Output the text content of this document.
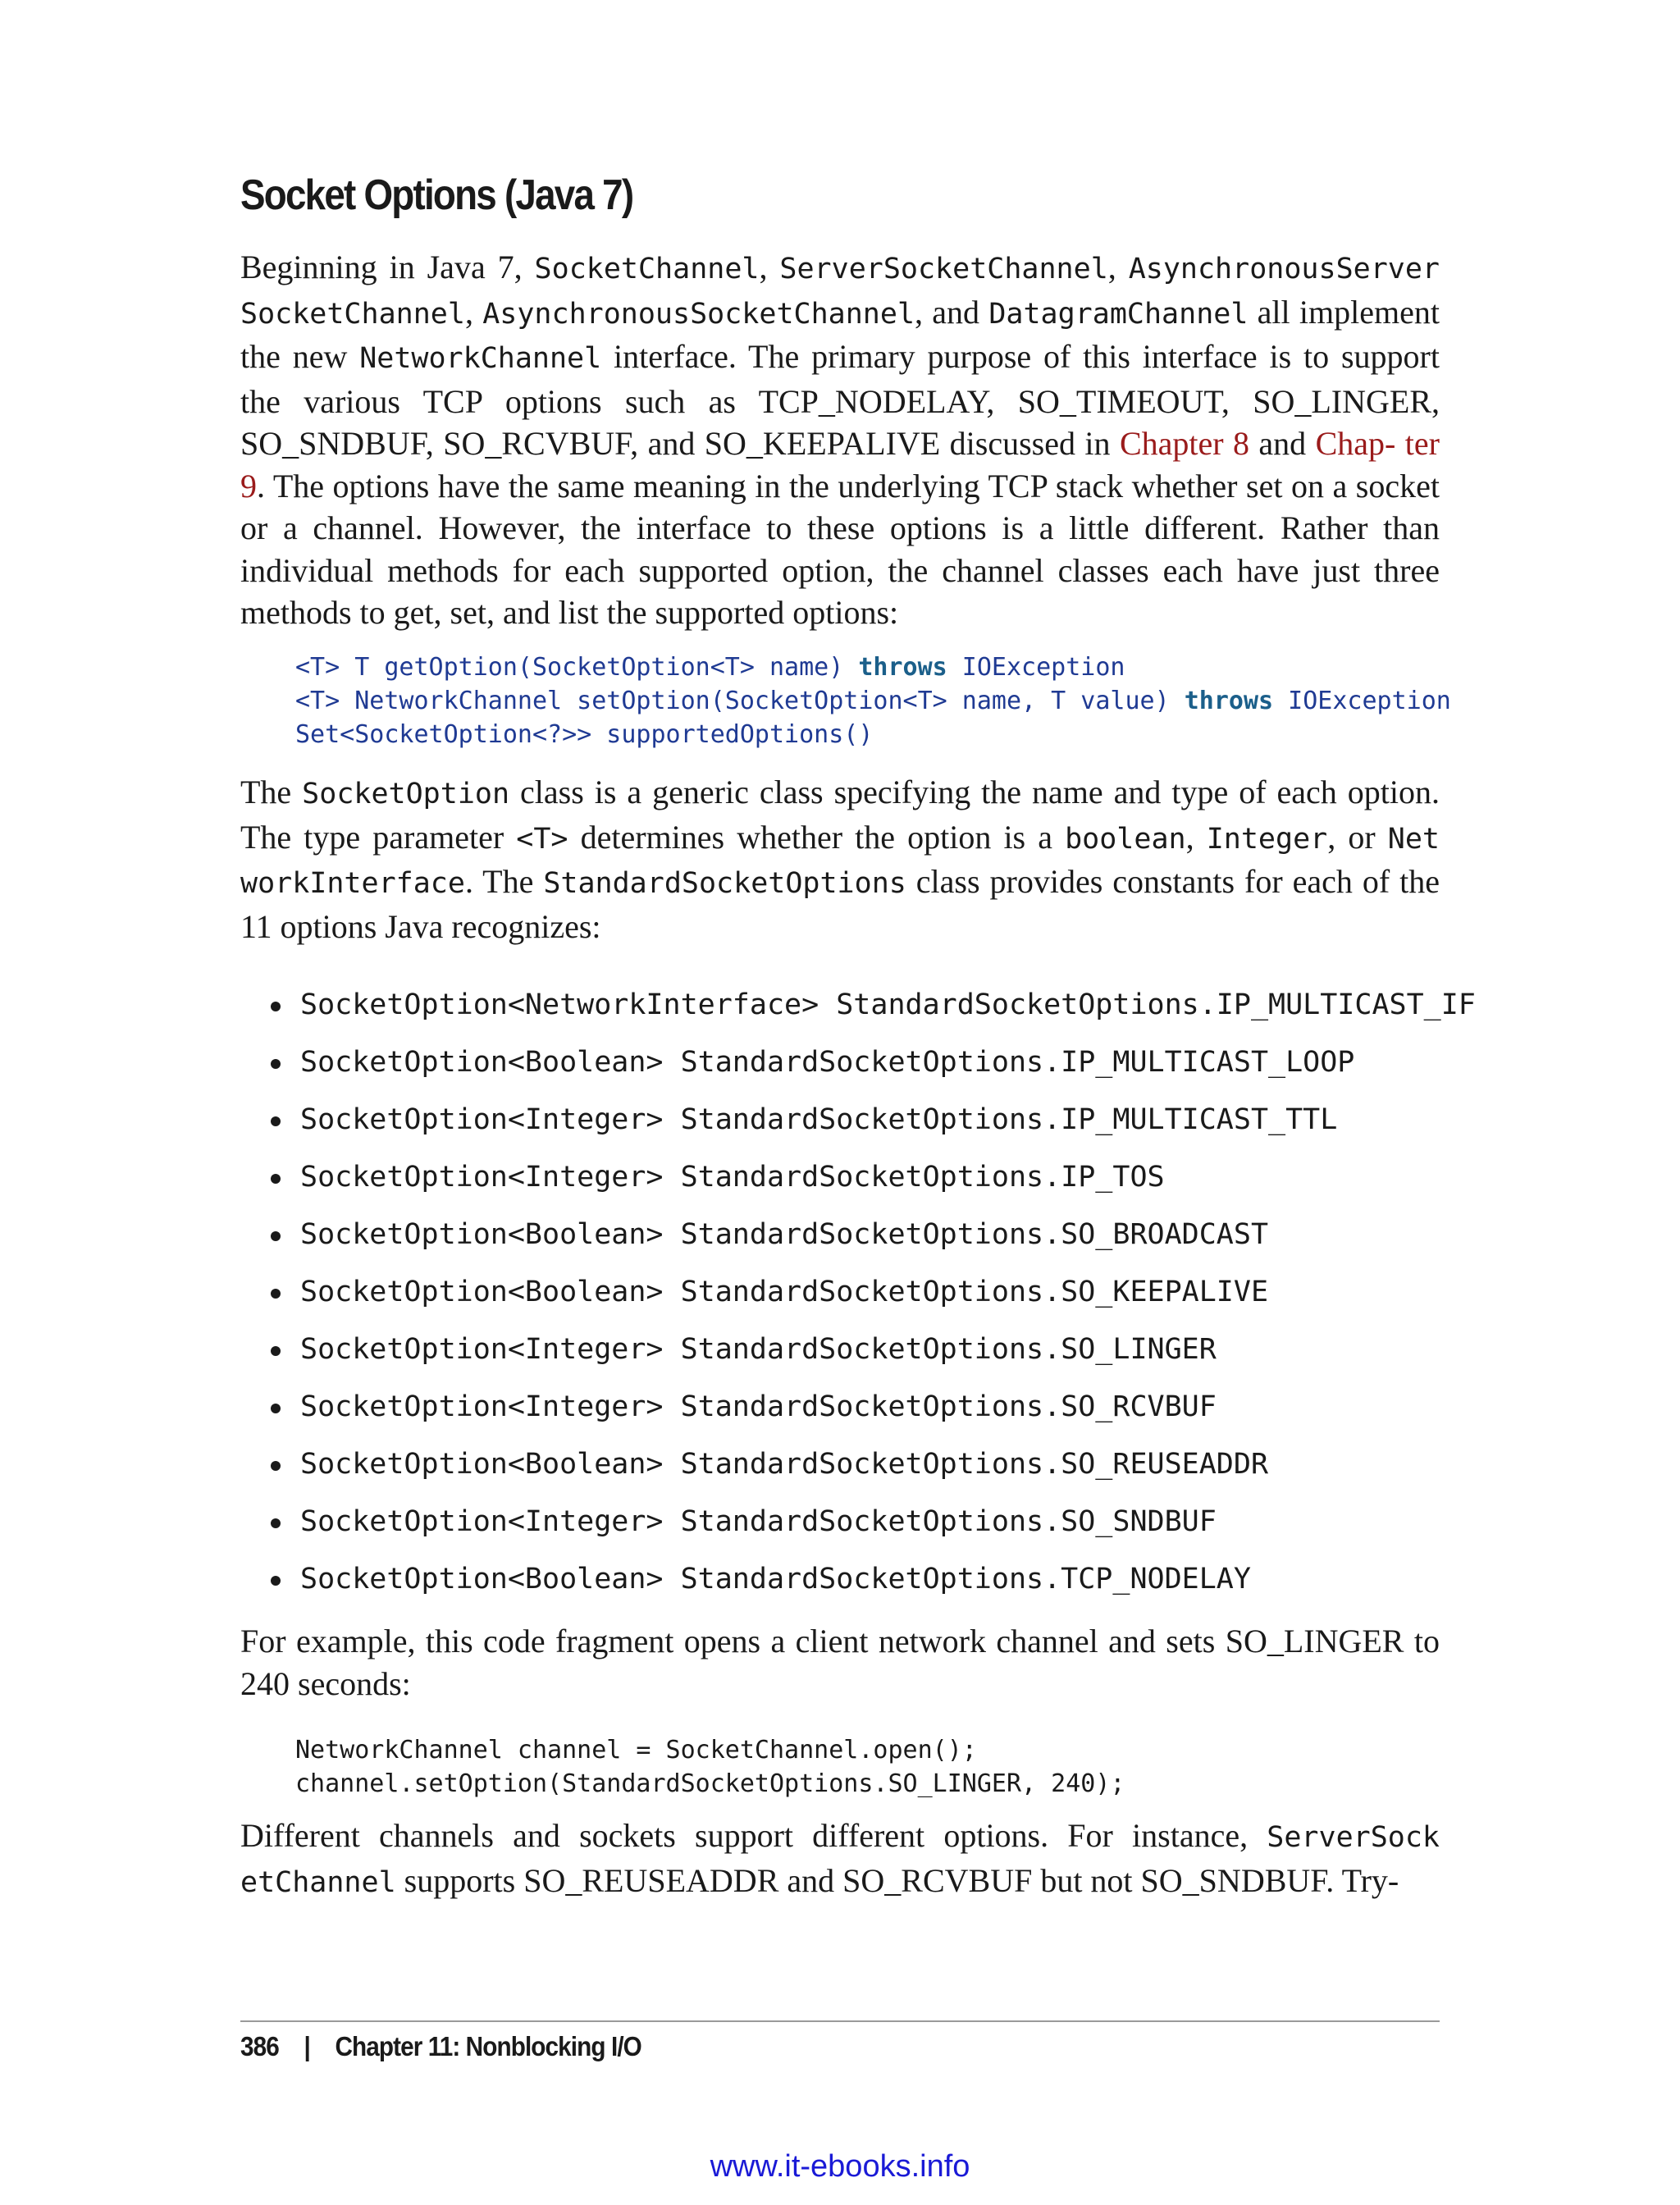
Socket Options (Java 7)

Beginning in Java 7, SocketChannel, ServerSocketChannel, AsynchronousServer SocketChannel, AsynchronousSocketChannel, and DatagramChannel all implement the new NetworkChannel interface. The primary purpose of this interface is to support the various TCP options such as TCP_NODELAY, SO_TIMEOUT, SO_LINGER, SO_SNDBUF, SO_RCVBUF, and SO_KEEPALIVE discussed in Chapter 8 and Chap- ter 9. The options have the same meaning in the underlying TCP stack whether set on a socket or a channel. However, the interface to these options is a little different. Rather than individual methods for each supported option, the channel classes each have just three methods to get, set, and list the supported options:

<T> T getOption(SocketOption<T> name) throws IOException
<T> NetworkChannel setOption(SocketOption<T> name, T value) throws IOException
Set<SocketOption<?>> supportedOptions()

The SocketOption class is a generic class specifying the name and type of each option. The type parameter <T> determines whether the option is a boolean, Integer, or Net workInterface. The StandardSocketOptions class provides constants for each of the 11 options Java recognizes:

SocketOption<NetworkInterface> StandardSocketOptions.IP_MULTICAST_IF
SocketOption<Boolean> StandardSocketOptions.IP_MULTICAST_LOOP
SocketOption<Integer> StandardSocketOptions.IP_MULTICAST_TTL
SocketOption<Integer> StandardSocketOptions.IP_TOS
SocketOption<Boolean> StandardSocketOptions.SO_BROADCAST
SocketOption<Boolean> StandardSocketOptions.SO_KEEPALIVE
SocketOption<Integer> StandardSocketOptions.SO_LINGER
SocketOption<Integer> StandardSocketOptions.SO_RCVBUF
SocketOption<Boolean> StandardSocketOptions.SO_REUSEADDR
SocketOption<Integer> StandardSocketOptions.SO_SNDBUF
SocketOption<Boolean> StandardSocketOptions.TCP_NODELAY

For example, this code fragment opens a client network channel and sets SO_LINGER to 240 seconds:

NetworkChannel channel = SocketChannel.open();
channel.setOption(StandardSocketOptions.SO_LINGER, 240);

Different channels and sockets support different options. For instance, ServerSock etChannel supports SO_REUSEADDR and SO_RCVBUF but not SO_SNDBUF. Try-

386 | Chapter 11: Nonblocking I/O
www.it-ebooks.info
